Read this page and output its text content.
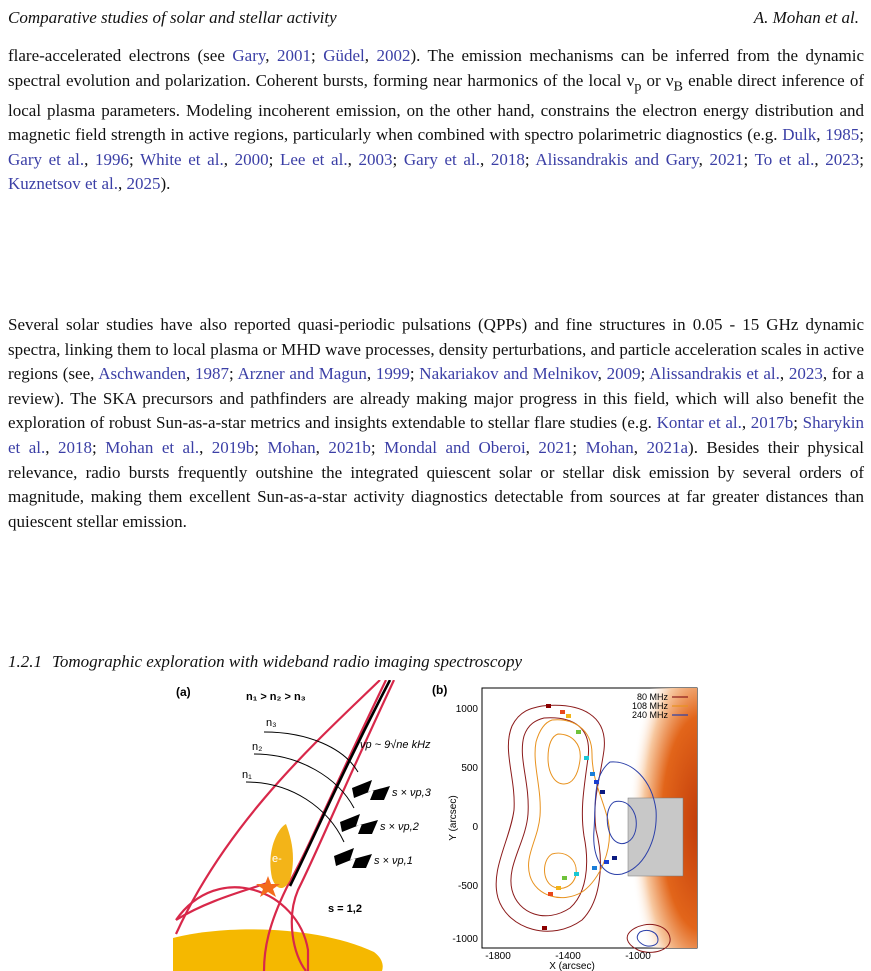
Comparative studies of solar and stellar activity	A. Mohan et al.
flare-accelerated electrons (see Gary, 2001; Güdel, 2002). The emission mechanisms can be inferred from the dynamic spectral evolution and polarization. Coherent bursts, forming near harmonics of the local $\nu_p$ or $\nu_B$ enable direct inference of local plasma parameters. Modeling incoherent emission, on the other hand, constrains the electron energy distribution and magnetic field strength in active regions, particularly when combined with spectro polarimetric diagnostics (e.g. Dulk, 1985; Gary et al., 1996; White et al., 2000; Lee et al., 2003; Gary et al., 2018; Alissandrakis and Gary, 2021; To et al., 2023; Kuznetsov et al., 2025).
Several solar studies have also reported quasi-periodic pulsations (QPPs) and fine structures in 0.05 - 15 GHz dynamic spectra, linking them to local plasma or MHD wave processes, density perturbations, and particle acceleration scales in active regions (see, Aschwanden, 1987; Arzner and Magun, 1999; Nakariakov and Melnikov, 2009; Alissandrakis et al., 2023, for a review). The SKA precursors and pathfinders are already making major progress in this field, which will also benefit the exploration of robust Sun-as-a-star metrics and insights extendable to stellar flare studies (e.g. Kontar et al., 2017b; Sharykin et al., 2018; Mohan et al., 2019b; Mohan, 2021b; Mondal and Oberoi, 2021; Mohan, 2021a). Besides their physical relevance, radio bursts frequently outshine the integrated quiescent solar or stellar disk emission by several orders of magnitude, making them excellent Sun-as-a-star activity diagnostics detectable from sources at far greater distances than quiescent stellar emission.
1.2.1 Tomographic exploration with wideband radio imaging spectroscopy
(a)	n₁ > n₂ > n₃
e-
n₃
n₂
n₁
νp ~ 9√ne kHz
s × νp,3
s × νp,2
s × νp,1
s = 1,2
(b)	80 MHz
108 MHz
240 MHz
1000
500
0
-500
-1000
Y (arcsec)
-1800	-1400	-1000
X (arcsec)
